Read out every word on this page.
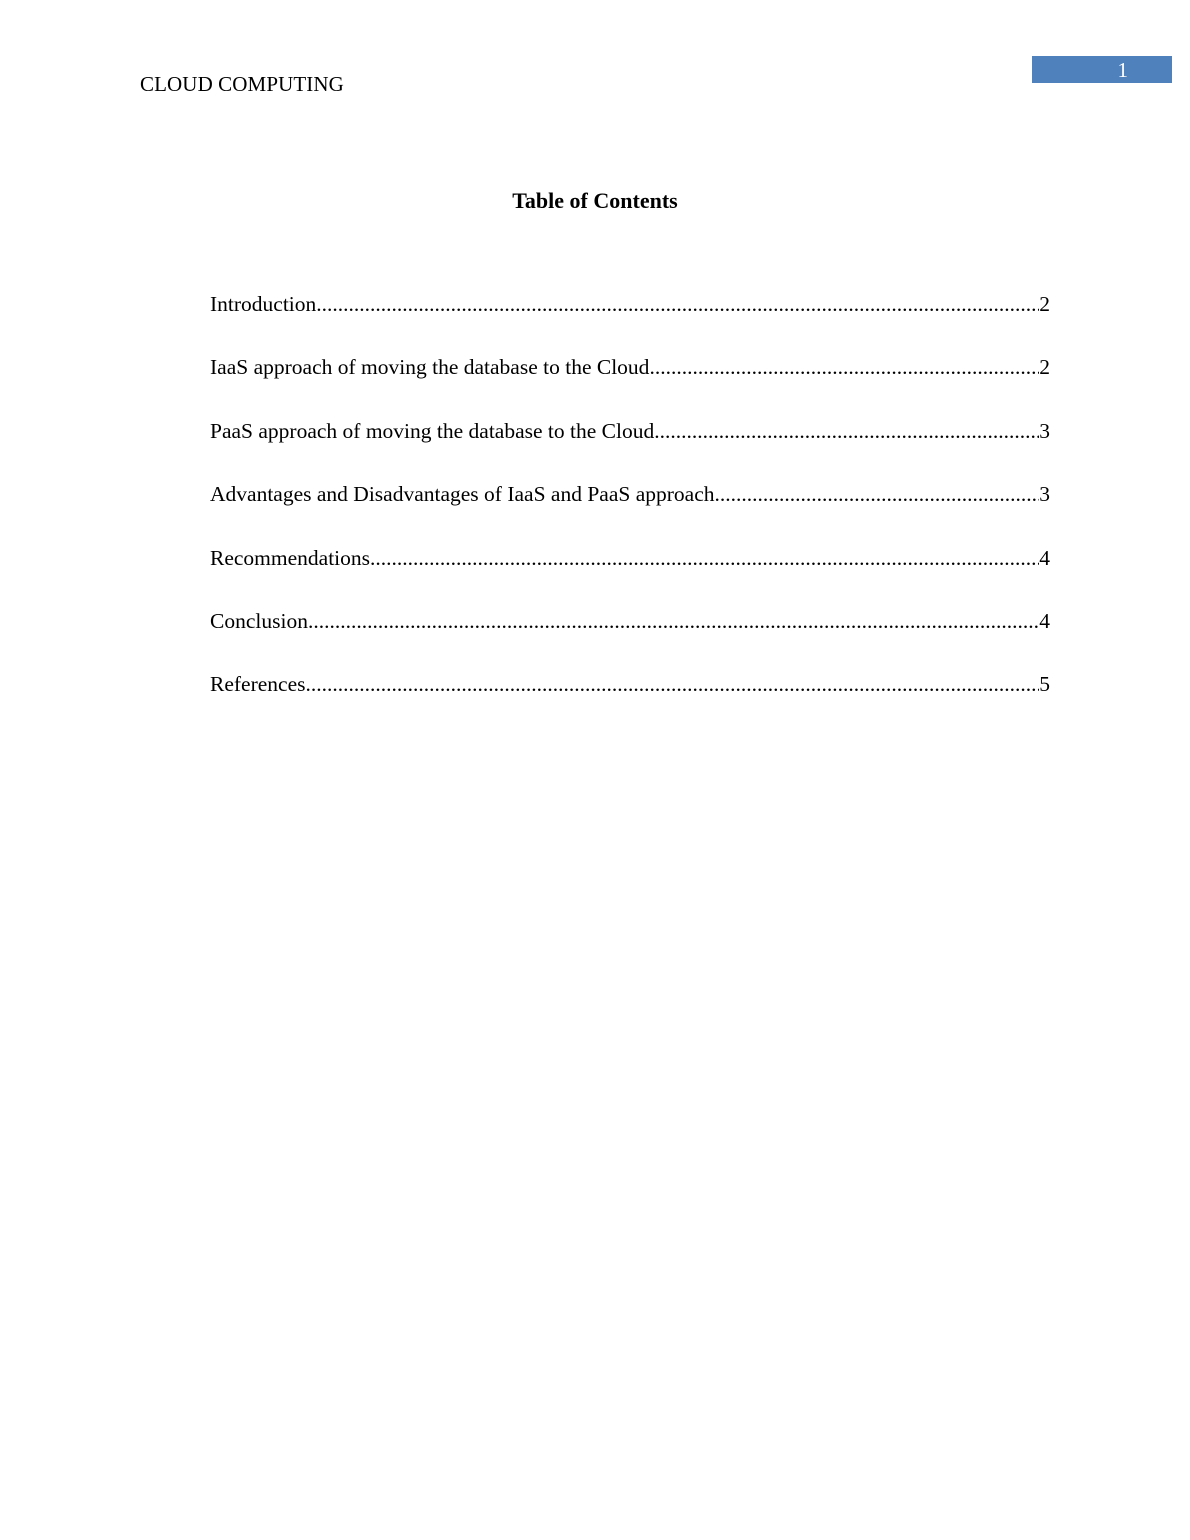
CLOUD COMPUTING
1
Table of Contents
Introduction .....	2
IaaS approach of moving the database to the Cloud .....	2
PaaS approach of moving the database to the Cloud .....	3
Advantages and Disadvantages of IaaS and PaaS approach .....	3
Recommendations .....	4
Conclusion .....	4
References .....	5
